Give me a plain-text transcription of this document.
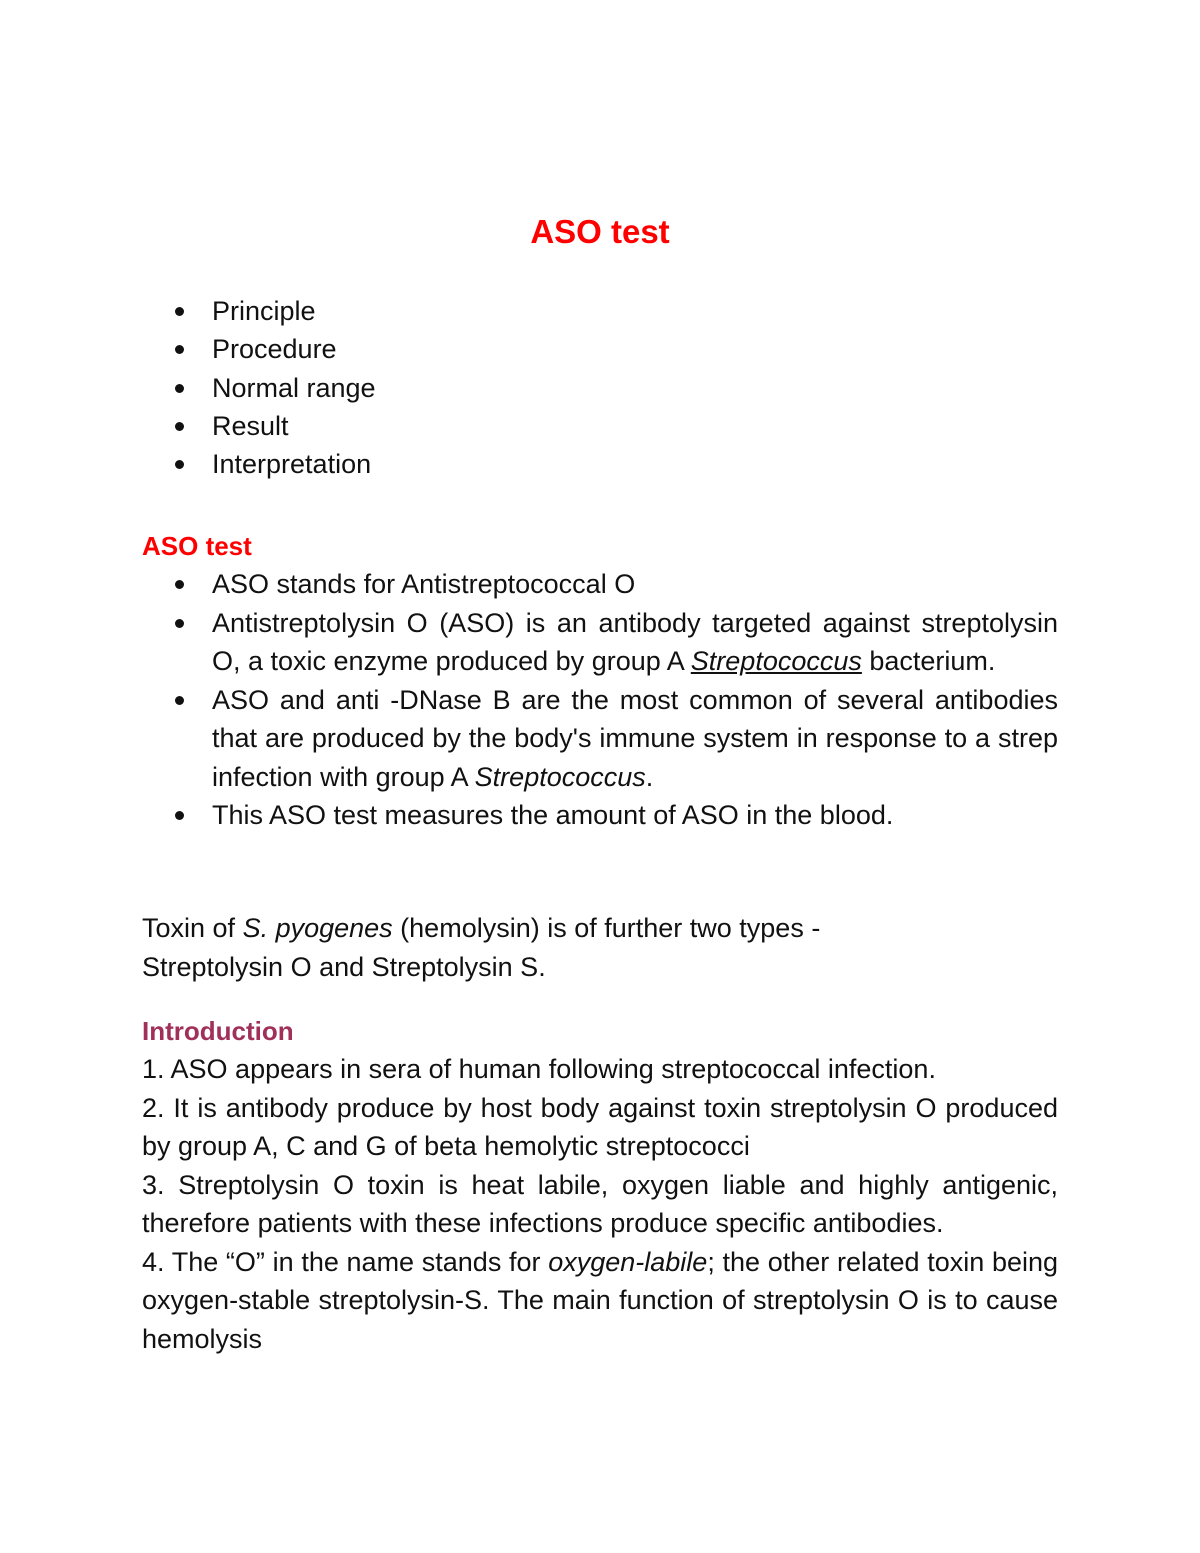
ASO test
Principle
Procedure
Normal range
Result
Interpretation
ASO test
ASO stands for Antistreptococcal O
Antistreptolysin O (ASO) is an antibody targeted against streptolysin O, a toxic enzyme produced by group A Streptococcus bacterium.
ASO and anti -DNase B are the most common of several antibodies that are produced by the body's immune system in response to a strep infection with group A Streptococcus.
This ASO test measures the amount of ASO in the blood.

Toxin of S. pyogenes (hemolysin) is of further two types -
Streptolysin O and Streptolysin S.

Introduction
1. ASO appears in sera of human following streptococcal infection.
2. It is antibody produce by host body against toxin streptolysin O produced by group A, C and G of beta hemolytic streptococci
3. Streptolysin O toxin is heat labile, oxygen liable and highly antigenic, therefore patients with these infections produce specific antibodies.
4. The “O” in the name stands for oxygen-labile; the other related toxin being oxygen-stable streptolysin-S. The main function of streptolysin O is to cause hemolysis
